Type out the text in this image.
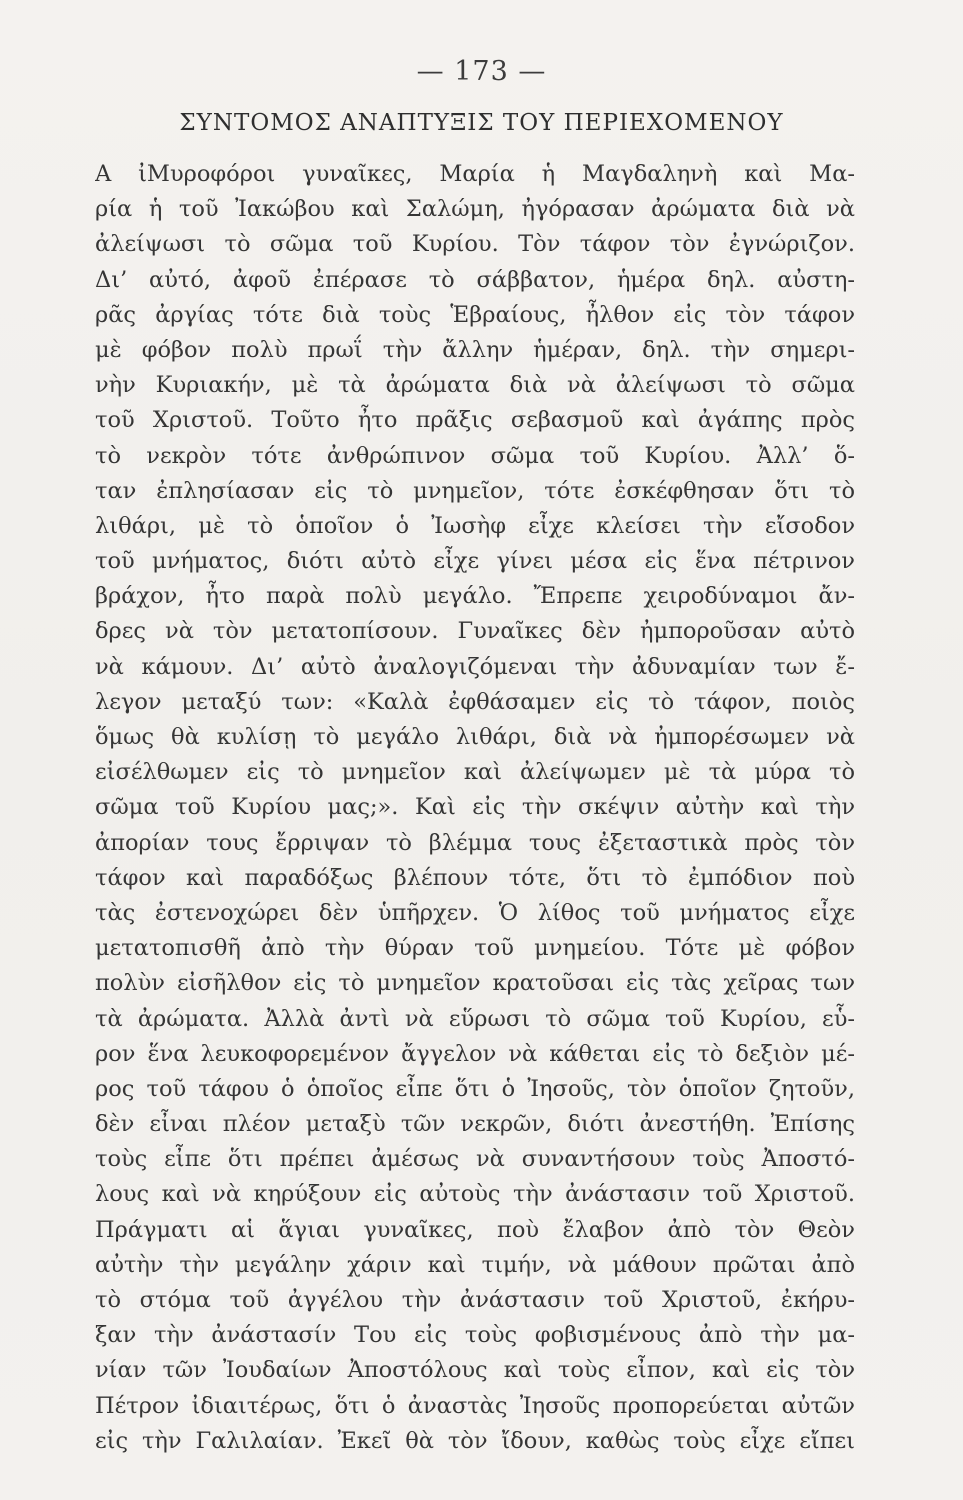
— 173 —
ΣΥΝΤΟΜΟΣ ΑΝΑΠΤΥΞΙΣ ΤΟΥ ΠΕΡΙΕΧΟΜΕΝΟΥ
Α ἰΜυροφόροι γυναῖκες, Μαρία ἡ Μαγδαληνὴ καὶ Μα-
ρία ἡ τοῦ Ἰακώβου καὶ Σαλώμη, ἠγόρασαν ἀρώματα διὰ νὰ
ἀλείψωσι τὸ σῶμα τοῦ Κυρίου. Τὸν τάφον τὸν ἐγνώριζον.
Δι’ αὐτό, ἀφοῦ ἐπέρασε τὸ σάββατον, ἡμέρα δηλ. αὐστη-
ρᾶς ἀργίας τότε διὰ τοὺς Ἑβραίους, ἦλθον εἰς τὸν τάφον
μὲ φόβον πολὺ πρωΐ τὴν ἄλλην ἡμέραν, δηλ. τὴν σημερι-
νὴν Κυριακήν, μὲ τὰ ἀρώματα διὰ νὰ ἀλείψωσι τὸ σῶμα
τοῦ Χριστοῦ. Τοῦτο ἦτο πρᾶξις σεβασμοῦ καὶ ἀγάπης πρὸς
τὸ νεκρὸν τότε ἀνθρώπινον σῶμα τοῦ Κυρίου. Ἀλλ’ ὅ-
ταν ἐπλησίασαν εἰς τὸ μνημεῖον, τότε ἐσκέφθησαν ὅτι τὸ
λιθάρι, μὲ τὸ ὁποῖον ὁ Ἰωσὴφ εἶχε κλείσει τὴν εἴσοδον
τοῦ μνήματος, διότι αὐτὸ εἶχε γίνει μέσα εἰς ἕνα πέτρινον
βράχον, ἦτο παρὰ πολὺ μεγάλο. Ἔπρεπε χειροδύναμοι ἄν-
δρες νὰ τὸν μετατοπίσουν. Γυναῖκες δὲν ἠμποροῦσαν αὐτὸ
νὰ κάμουν. Δι’ αὐτὸ ἀναλογιζόμεναι τὴν ἀδυναμίαν των ἔ-
λεγον μεταξύ των: «Καλὰ ἐφθάσαμεν εἰς τὸ τάφον, ποιὸς
ὅμως θὰ κυλίσῃ τὸ μεγάλο λιθάρι, διὰ νὰ ἠμπορέσωμεν νὰ
εἰσέλθωμεν εἰς τὸ μνημεῖον καὶ ἀλείψωμεν μὲ τὰ μύρα τὸ
σῶμα τοῦ Κυρίου μας;». Καὶ εἰς τὴν σκέψιν αὐτὴν καὶ τὴν
ἀπορίαν τους ἔρριψαν τὸ βλέμμα τους ἐξεταστικὰ πρὸς τὸν
τάφον καὶ παραδόξως βλέπουν τότε, ὅτι τὸ ἐμπόδιον ποὺ
τὰς ἐστενοχώρει δὲν ὑπῆρχεν. Ὁ λίθος τοῦ μνήματος εἶχε
μετατοπισθῆ ἀπὸ τὴν θύραν τοῦ μνημείου. Τότε μὲ φόβον
πολὺν εἰσῆλθον εἰς τὸ μνημεῖον κρατοῦσαι εἰς τὰς χεῖρας των
τὰ ἀρώματα. Ἀλλὰ ἀντὶ νὰ εὕρωσι τὸ σῶμα τοῦ Κυρίου, εὗ-
ρον ἕνα λευκοφορεμένον ἄγγελον νὰ κάθεται εἰς τὸ δεξιὸν μέ-
ρος τοῦ τάφου ὁ ὁποῖος εἶπε ὅτι ὁ Ἰησοῦς, τὸν ὁποῖον ζητοῦν,
δὲν εἶναι πλέον μεταξὺ τῶν νεκρῶν, διότι ἀνεστήθη. Ἐπίσης
τοὺς εἶπε ὅτι πρέπει ἀμέσως νὰ συναντήσουν τοὺς Ἀποστό-
λους καὶ νὰ κηρύξουν εἰς αὐτοὺς τὴν ἀνάστασιν τοῦ Χριστοῦ.
Πράγματι αἱ ἅγιαι γυναῖκες, ποὺ ἔλαβον ἀπὸ τὸν Θεὸν
αὐτὴν τὴν μεγάλην χάριν καὶ τιμήν, νὰ μάθουν πρῶται ἀπὸ
τὸ στόμα τοῦ ἀγγέλου τὴν ἀνάστασιν τοῦ Χριστοῦ, ἐκήρυ-
ξαν τὴν ἀνάστασίν Του εἰς τοὺς φοβισμένους ἀπὸ τὴν μα-
νίαν τῶν Ἰουδαίων Ἀποστόλους καὶ τοὺς εἶπον, καὶ εἰς τὸν
Πέτρον ἰδιαιτέρως, ὅτι ὁ ἀναστὰς Ἰησοῦς προπορεύεται αὐτῶν
εἰς τὴν Γαλιλαίαν. Ἐκεῖ θὰ τὸν ἴδουν, καθὼς τοὺς εἶχε εἴπει
